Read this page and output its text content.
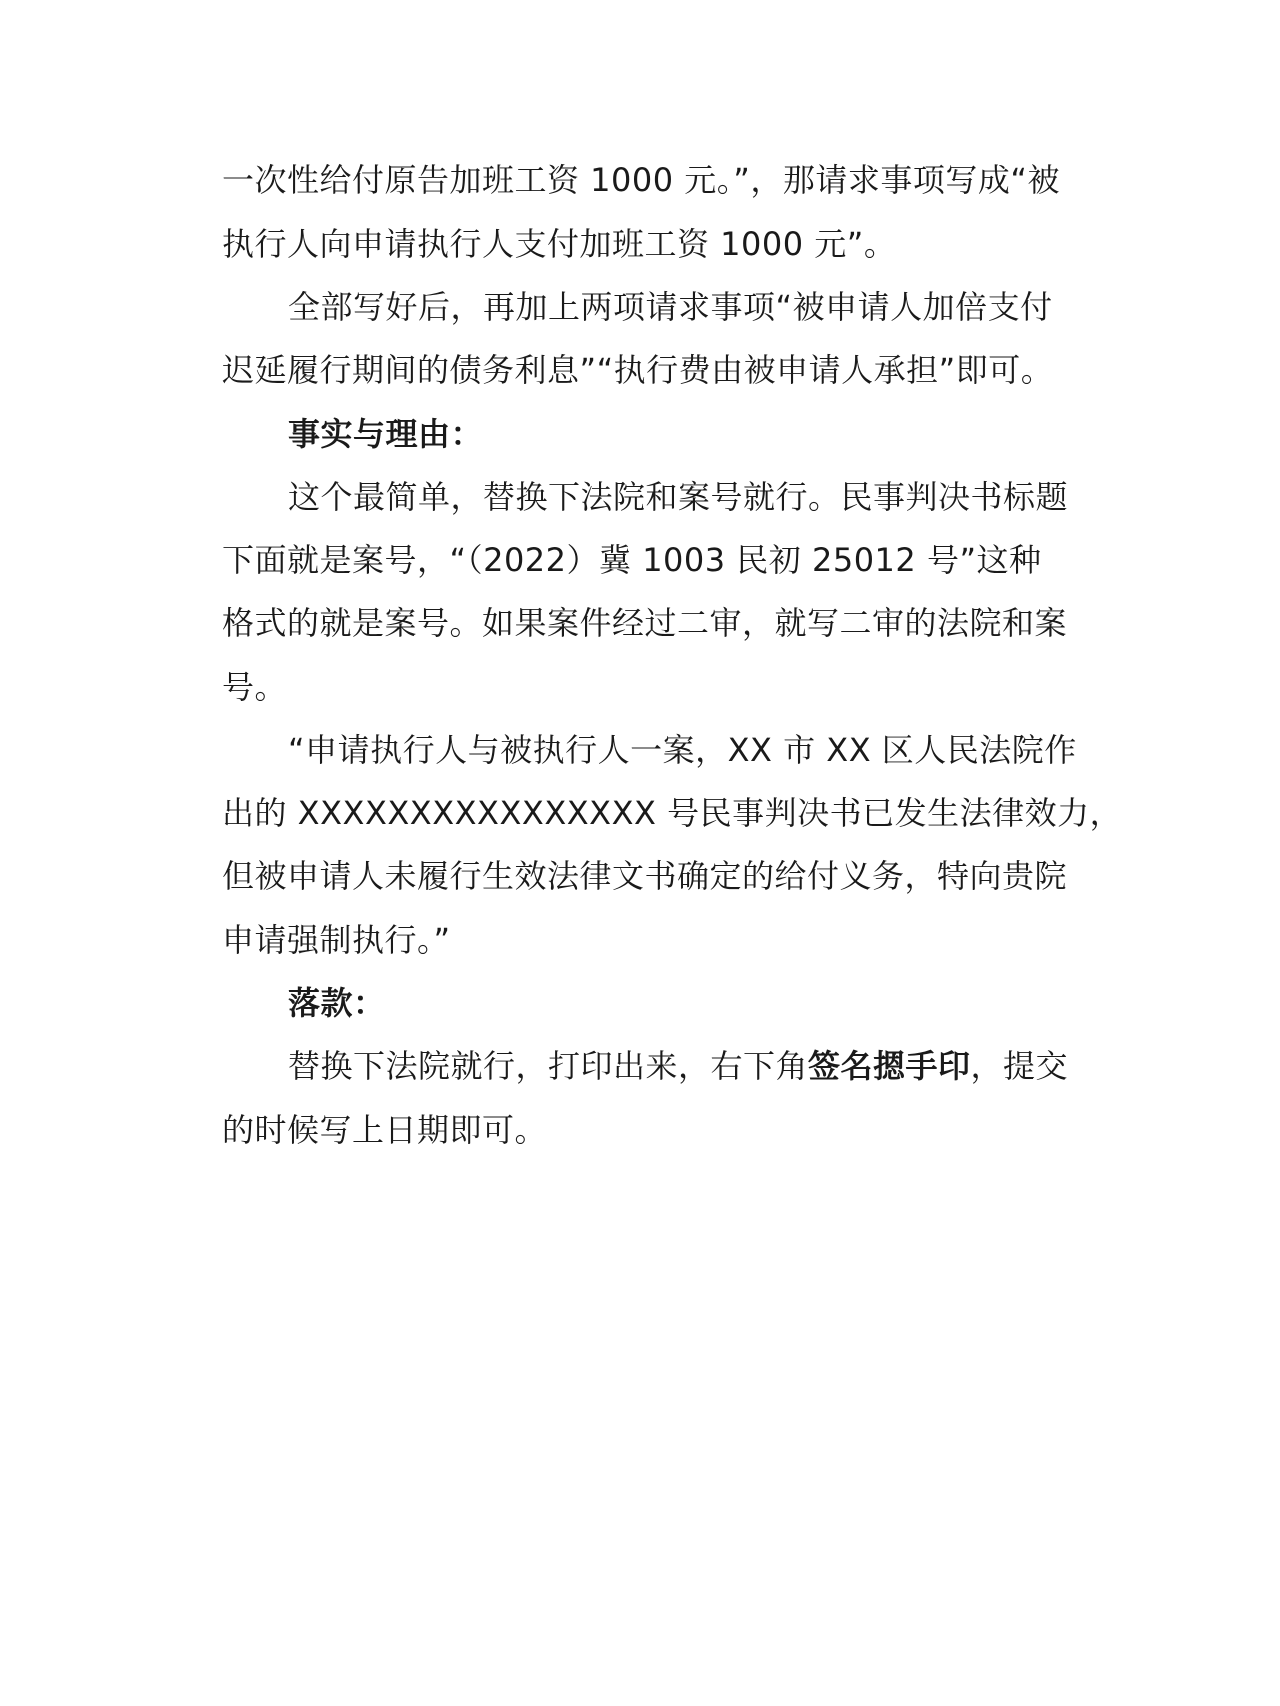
一次性给付原告加班工资 1000 元。”，那请求事项写成“被
执行人向申请执行人支付加班工资 1000 元”。
全部写好后，再加上两项请求事项“被申请人加倍支付
迟延履行期间的债务利息”“执行费由被申请人承担”即可。
事实与理由：
这个最简单，替换下法院和案号就行。民事判决书标题
下面就是案号，“（2022）冀 1003 民初 25012 号”这种
格式的就是案号。如果案件经过二审，就写二审的法院和案
号。
“申请执行人与被执行人一案，XX 市 XX 区人民法院作
出的 XXXXXXXXXXXXXXXX 号民事判决书已发生法律效力，
但被申请人未履行生效法律文书确定的给付义务，特向贵院
申请强制执行。”
落款：
替换下法院就行，打印出来，右下角签名摁手印，提交
的时候写上日期即可。
